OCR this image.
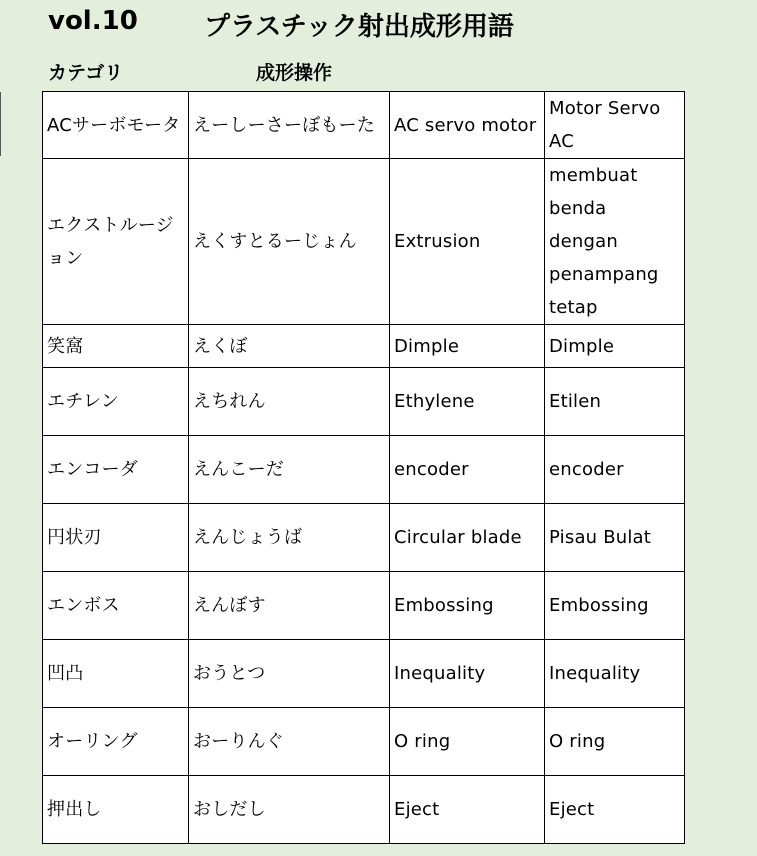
vol.10	プラスチック射出成形用語
カテゴリ	成形操作
ACサーボモータ	えーしーさーぼもーた	AC servo motor	Motor Servo AC
エクストルージョン	えくすとるーじょん	Extrusion	membuat benda dengan penampang tetap
笑窩	えくぼ	Dimple	Dimple
エチレン	えちれん	Ethylene	Etilen
エンコーダ	えんこーだ	encoder	encoder
円状刃	えんじょうば	Circular blade	Pisau Bulat
エンボス	えんぼす	Embossing	Embossing
凹凸	おうとつ	Inequality	Inequality
オーリング	おーりんぐ	O ring	O ring
押出し	おしだし	Eject	Eject
